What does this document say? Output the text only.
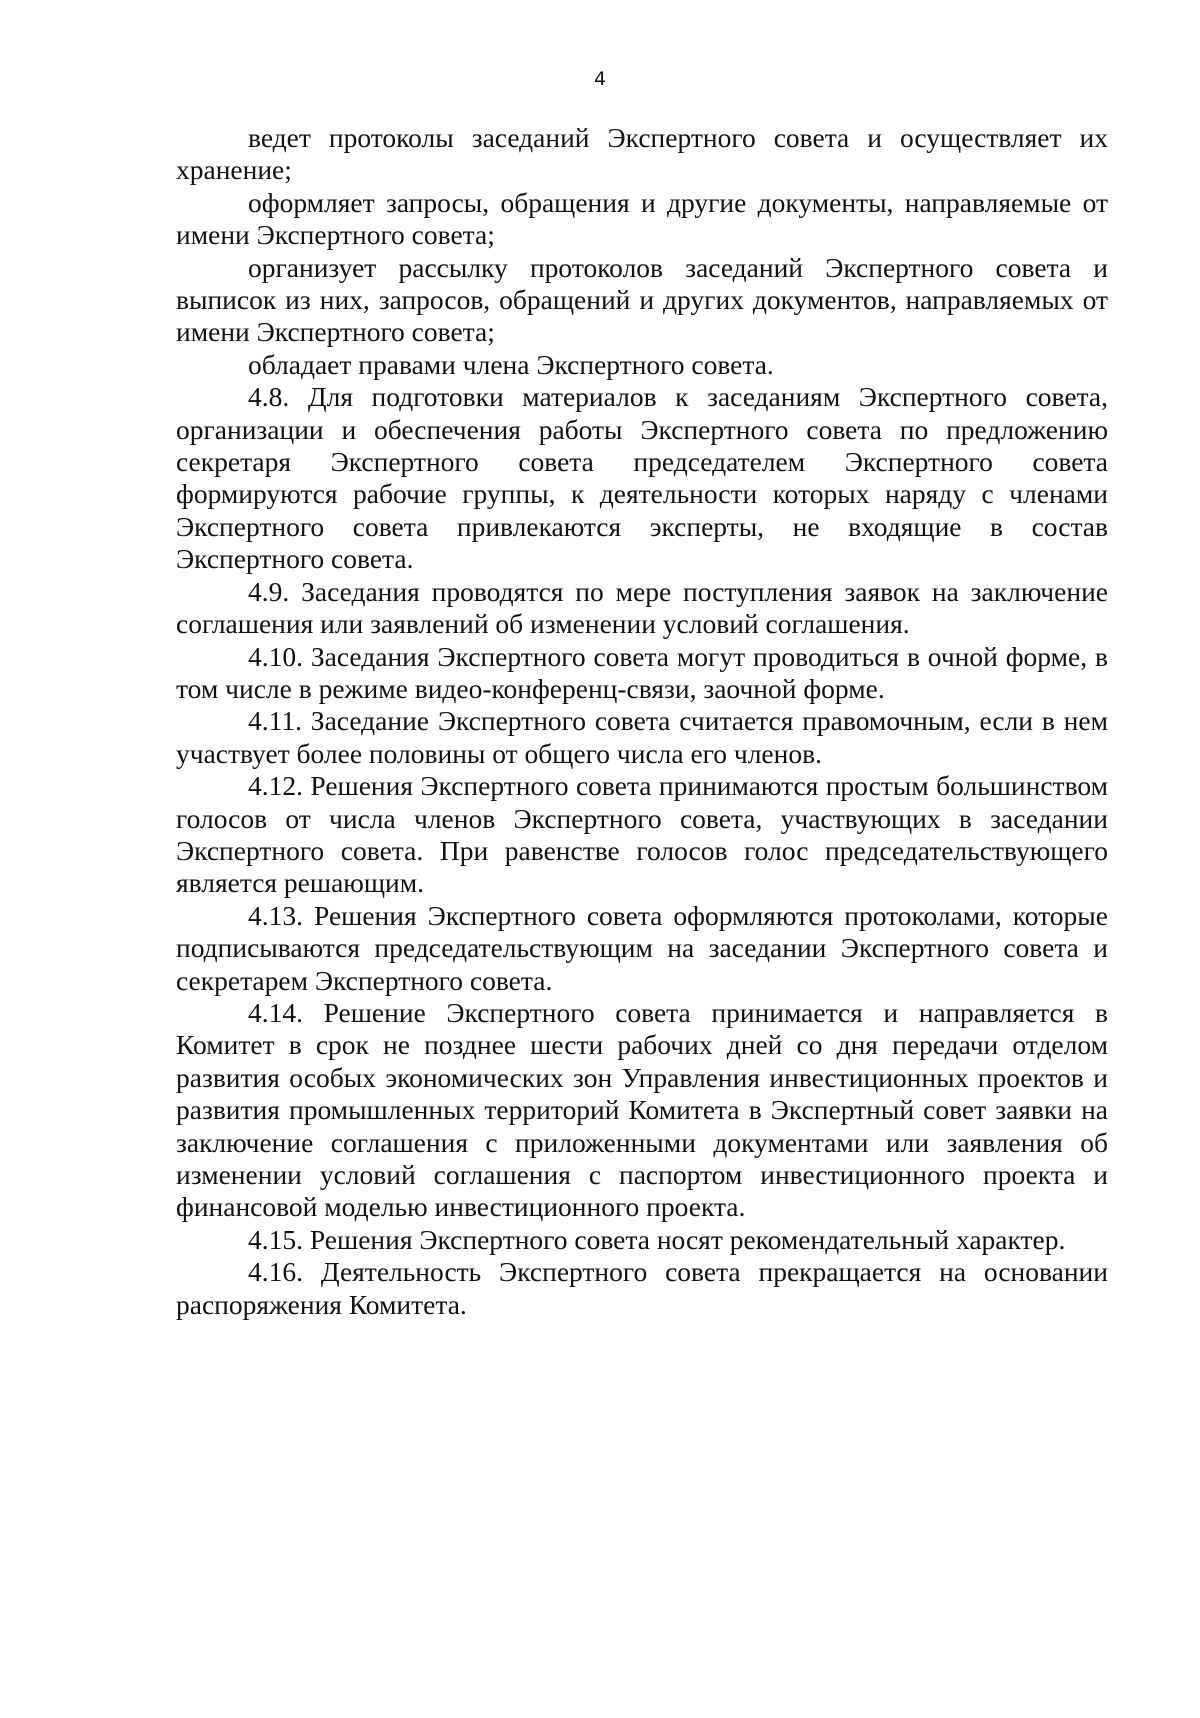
4

ведет протоколы заседаний Экспертного совета и осуществляет их хранение;

оформляет запросы, обращения и другие документы, направляемые от имени Экспертного совета;

организует рассылку протоколов заседаний Экспертного совета и выписок из них, запросов, обращений и других документов, направляемых от имени Экспертного совета;

обладает правами члена Экспертного совета.

4.8. Для подготовки материалов к заседаниям Экспертного совета, организации и обеспечения работы Экспертного совета по предложению секретаря Экспертного совета председателем Экспертного совета формируются рабочие группы, к деятельности которых наряду с членами Экспертного совета привлекаются эксперты, не входящие в состав Экспертного совета.

4.9. Заседания проводятся по мере поступления заявок на заключение соглашения или заявлений об изменении условий соглашения.

4.10. Заседания Экспертного совета могут проводиться в очной форме, в том числе в режиме видео-конференц-связи, заочной форме.

4.11. Заседание Экспертного совета считается правомочным, если в нем участвует более половины от общего числа его членов.

4.12. Решения Экспертного совета принимаются простым большинством голосов от числа членов Экспертного совета, участвующих в заседании Экспертного совета. При равенстве голосов голос председательствующего является решающим.

4.13. Решения Экспертного совета оформляются протоколами, которые подписываются председательствующим на заседании Экспертного совета и секретарем Экспертного совета.

4.14. Решение Экспертного совета принимается и направляется в Комитет в срок не позднее шести рабочих дней со дня передачи отделом развития особых экономических зон Управления инвестиционных проектов и развития промышленных территорий Комитета в Экспертный совет заявки на заключение соглашения с приложенными документами или заявления об изменении условий соглашения с паспортом инвестиционного проекта и финансовой моделью инвестиционного проекта.

4.15. Решения Экспертного совета носят рекомендательный характер.

4.16. Деятельность Экспертного совета прекращается на основании распоряжения Комитета.
